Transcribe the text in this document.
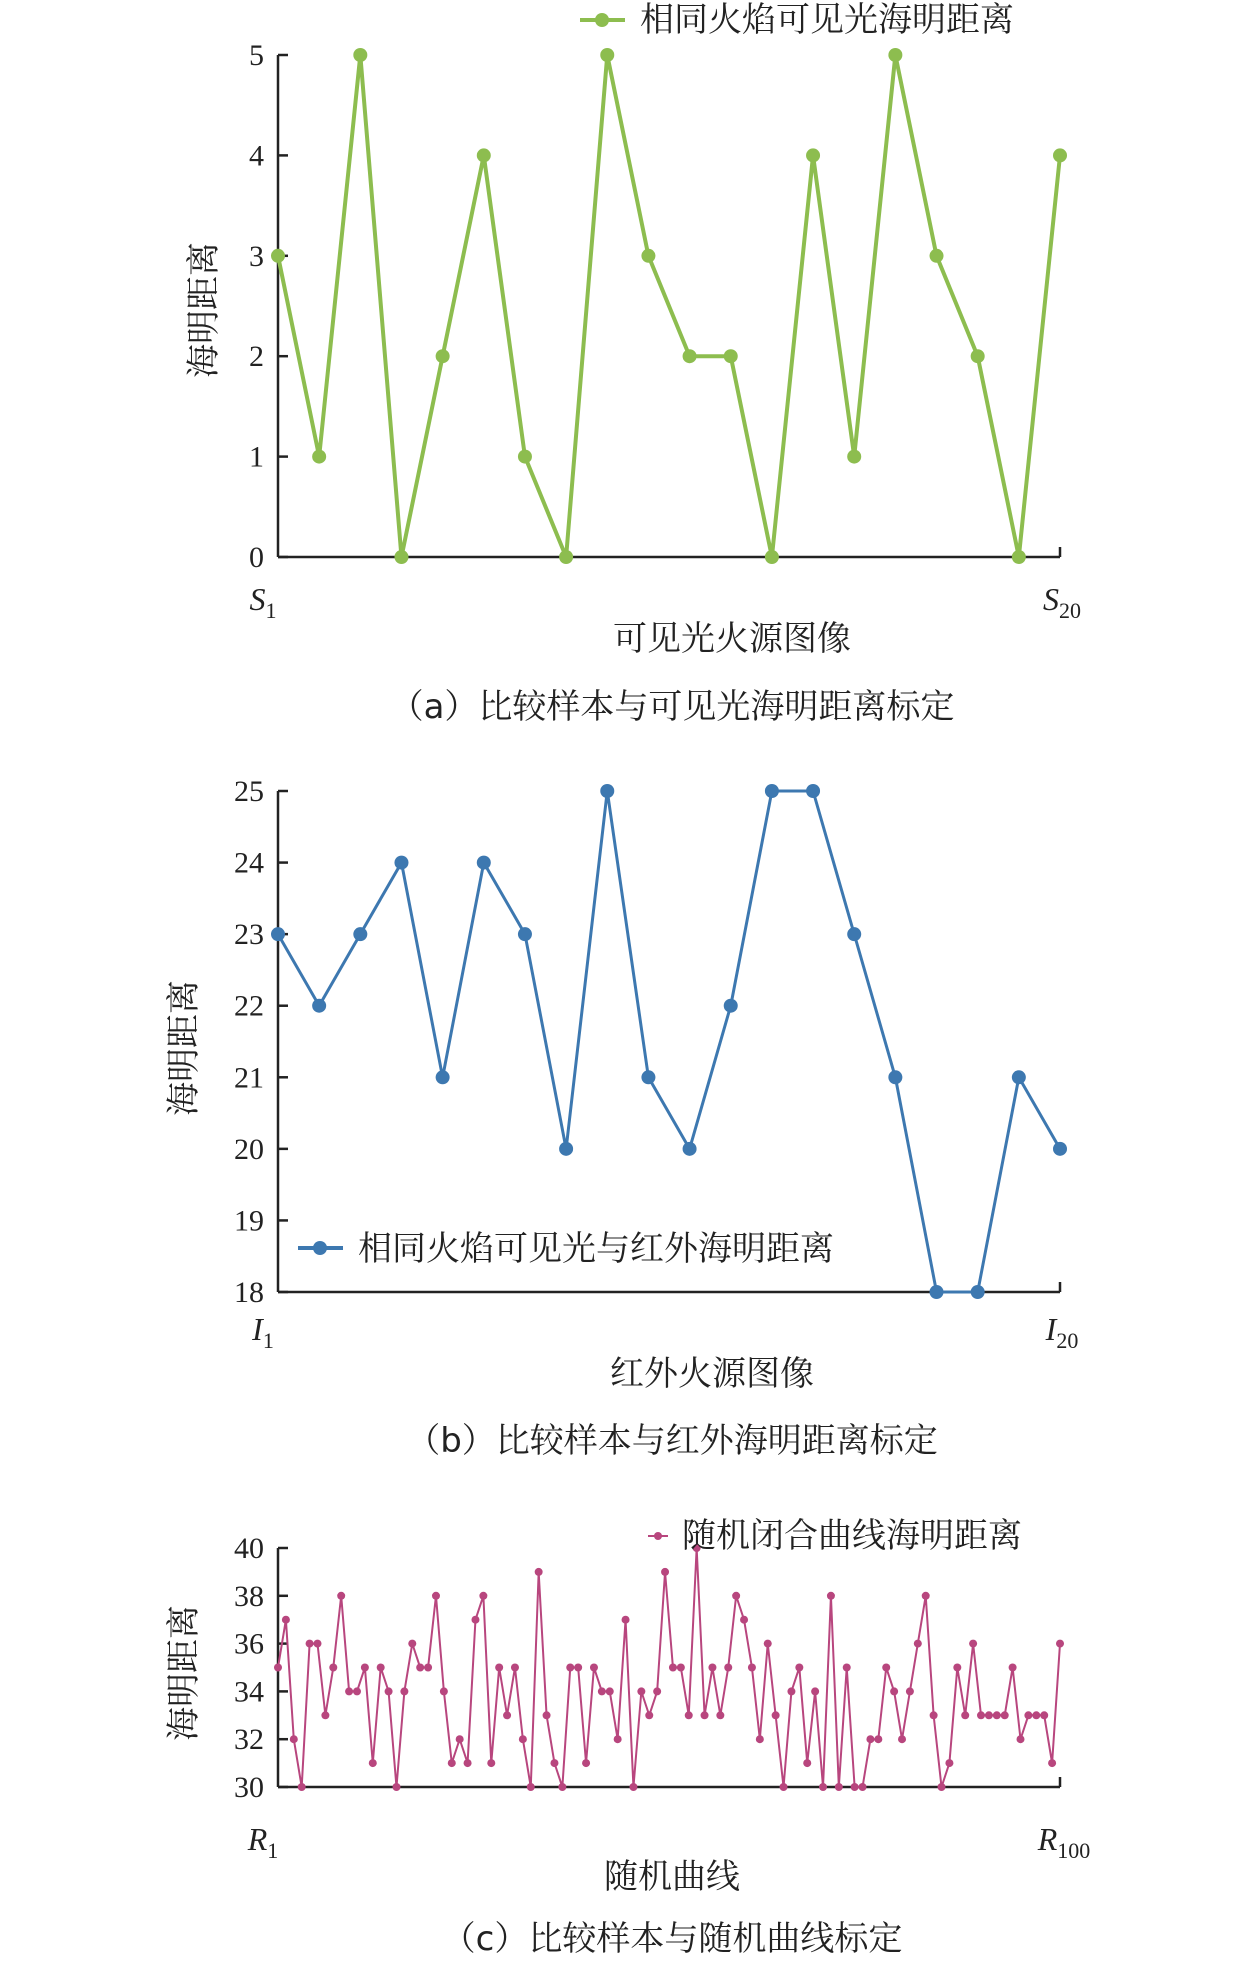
0
1
2
3
4
5
海明距离
相同火焰可见光海明距离
$S_1$	$S_{20}$
可见光火源图像
（a）比较样本与可见光海明距离标定
18
19
20
21
22
23
24
25
海明距离
相同火焰可见光与红外海明距离
$I_1$	$I_{20}$
红外火源图像
（b）比较样本与红外海明距离标定
30
32
34
36
38
40
海明距离
随机闭合曲线海明距离
$R_1$	$R_{100}$
随机曲线
（c）比较样本与随机曲线标定
